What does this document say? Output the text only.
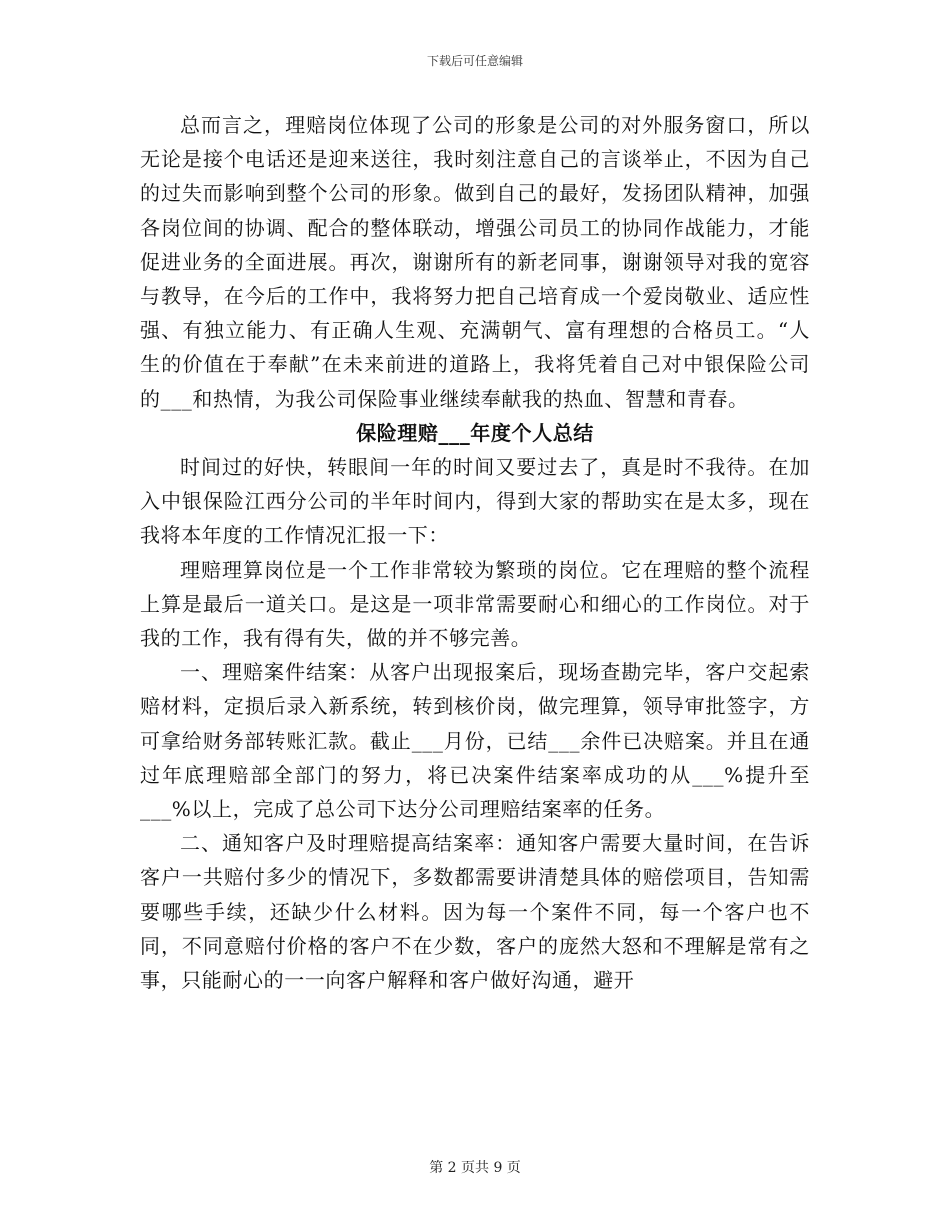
下载后可任意编辑

总而言之，理赔岗位体现了公司的形象是公司的对外服务窗口，所以无论是接个电话还是迎来送往，我时刻注意自己的言谈举止，不因为自己的过失而影响到整个公司的形象。做到自己的最好，发扬团队精神，加强各岗位间的协调、配合的整体联动，增强公司员工的协同作战能力，才能促进业务的全面进展。再次，谢谢所有的新老同事，谢谢领导对我的宽容与教导，在今后的工作中，我将努力把自己培育成一个爱岗敬业、适应性强、有独立能力、有正确人生观、充满朝气、富有理想的合格员工。“人生的价值在于奉献”在未来前进的道路上，我将凭着自己对中银保险公司的___和热情，为我公司保险事业继续奉献我的热血、智慧和青春。

保险理赔___年度个人总结

时间过的好快，转眼间一年的时间又要过去了，真是时不我待。在加入中银保险江西分公司的半年时间内，得到大家的帮助实在是太多，现在我将本年度的工作情况汇报一下：

理赔理算岗位是一个工作非常较为繁琐的岗位。它在理赔的整个流程上算是最后一道关口。是这是一项非常需要耐心和细心的工作岗位。对于我的工作，我有得有失，做的并不够完善。

一、理赔案件结案：从客户出现报案后，现场查勘完毕，客户交起索赔材料，定损后录入新系统，转到核价岗，做完理算，领导审批签字，方可拿给财务部转账汇款。截止___月份，已结___余件已决赔案。并且在通过年底理赔部全部门的努力，将已决案件结案率成功的从___%提升至___%以上，完成了总公司下达分公司理赔结案率的任务。

二、通知客户及时理赔提高结案率：通知客户需要大量时间，在告诉客户一共赔付多少的情况下，多数都需要讲清楚具体的赔偿项目，告知需要哪些手续，还缺少什么材料。因为每一个案件不同，每一个客户也不同，不同意赔付价格的客户不在少数，客户的庞然大怒和不理解是常有之事，只能耐心的一一向客户解释和客户做好沟通，避开

第 2 页共 9 页
